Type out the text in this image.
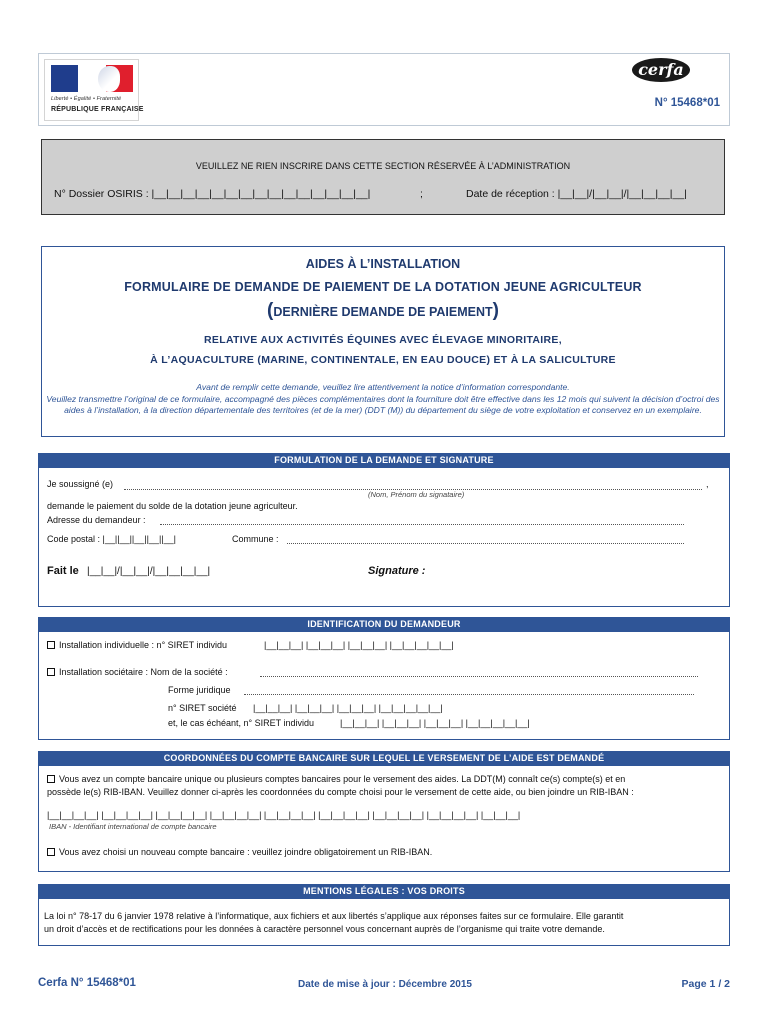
Liberté • Égalité • Fraternité
RÉPUBLIQUE FRANÇAISE
cerfa
N° 15468*01
VEUILLEZ NE RIEN INSCRIRE DANS CETTE SECTION RÉSERVÉE À L’ADMINISTRATION
N° Dossier OSIRIS : |__|__|__|__|__|__|__|__|__|__|__|__|__|__|__|	;	Date de réception : |__|__|/|__|__|/|__|__|__|__|
AIDES À L’INSTALLATION
FORMULAIRE DE DEMANDE DE PAIEMENT DE LA DOTATION JEUNE AGRICULTEUR
(DERNIÈRE DEMANDE DE PAIEMENT)
RELATIVE AUX ACTIVITÉS ÉQUINES AVEC ÉLEVAGE MINORITAIRE,
À L’AQUACULTURE (MARINE, CONTINENTALE, EN EAU DOUCE) ET À LA SALICULTURE
Avant de remplir cette demande, veuillez lire attentivement la notice d’information correspondante.
Veuillez transmettre l’original de ce formulaire, accompagné des pièces complémentaires dont la fourniture doit être effective dans les 12 mois qui suivent la décision d’octroi des aides à l’installation, à la direction départementale des territoires (et de la mer) (DDT (M)) du département du siège de votre exploitation et conservez en un exemplaire.
FORMULATION DE LA DEMANDE ET SIGNATURE
Je soussigné (e)	,
(Nom, Prénom du signataire)
demande le paiement du solde de la dotation jeune agriculteur.
Adresse du demandeur :
Code postal : |__||__||__||__||__|	Commune :
Fait le |__|__|/|__|__|/|__|__|__|__|	Signature :
IDENTIFICATION DU DEMANDEUR
Installation individuelle : n° SIRET individu	|__|__|__| |__|__|__| |__|__|__| |__|__|__|__|__|
Installation sociétaire : Nom de la société :
Forme juridique
n° SIRET société |__|__|__| |__|__|__| |__|__|__| |__|__|__|__|__|
et, le cas échéant, n° SIRET individu	|__|__|__| |__|__|__| |__|__|__| |__|__|__|__|__|
COORDONNÉES DU COMPTE BANCAIRE SUR LEQUEL LE VERSEMENT DE L’AIDE EST DEMANDÉ
Vous avez un compte bancaire unique ou plusieurs comptes bancaires pour le versement des aides. La DDT(M) connaît ce(s) compte(s) et en
possède le(s) RIB-IBAN. Veuillez donner ci-après les coordonnées du compte choisi pour le versement de cette aide, ou bien joindre un RIB-IBAN :
|__|__|__|__| |__|__|__|__| |__|__|__|__| |__|__|__|__| |__|__|__|__| |__|__|__|__| |__|__|__|__| |__|__|__|__| |__|__|__|
IBAN - Identifiant international de compte bancaire
Vous avez choisi un nouveau compte bancaire : veuillez joindre obligatoirement un RIB-IBAN.
MENTIONS LÉGALES : VOS DROITS
La loi n° 78-17 du 6 janvier 1978 relative à l’informatique, aux fichiers et aux libertés s’applique aux réponses faites sur ce formulaire. Elle garantit
un droit d’accès et de rectifications pour les données à caractère personnel vous concernant auprès de l’organisme qui traite votre demande.
Cerfa N° 15468*01	Date de mise à jour : Décembre 2015	Page 1 / 2
